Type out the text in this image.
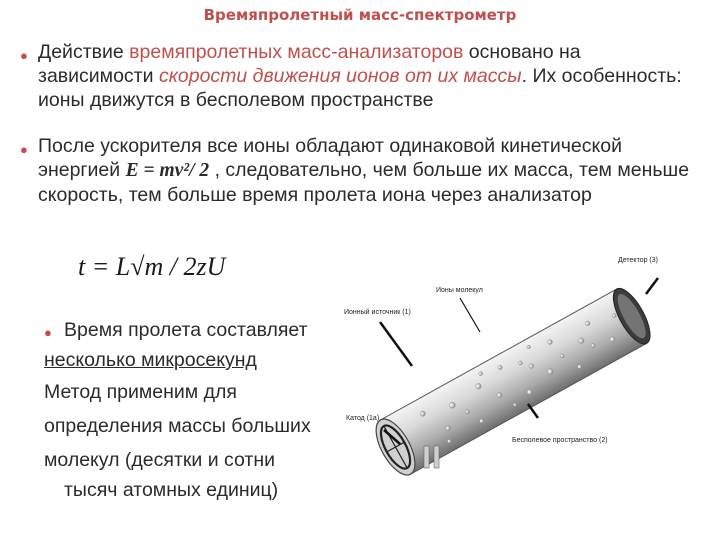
Времяпролетный масс-спектрометр
● Действие времяпролетных масс-анализаторов основано на зависимости скорости движения ионов от их массы. Их особенность: ионы движутся в бесполевом пространстве
● После ускорителя все ионы обладают одинаковой кинетической энергией E = mv²/ 2 , следовательно, чем больше их масса, тем меньше скорость, тем больше время пролета иона через анализатор
t = L√m / 2zU
● Время пролета составляет
несколько микросекунд
Метод применим для
определения массы больших
молекул (десятки и сотни
тысяч атомных единиц)
Детектор (3)
Ионы молекул
Ионный источник (1)
Катод (1а)
Бесполевое пространство (2)
